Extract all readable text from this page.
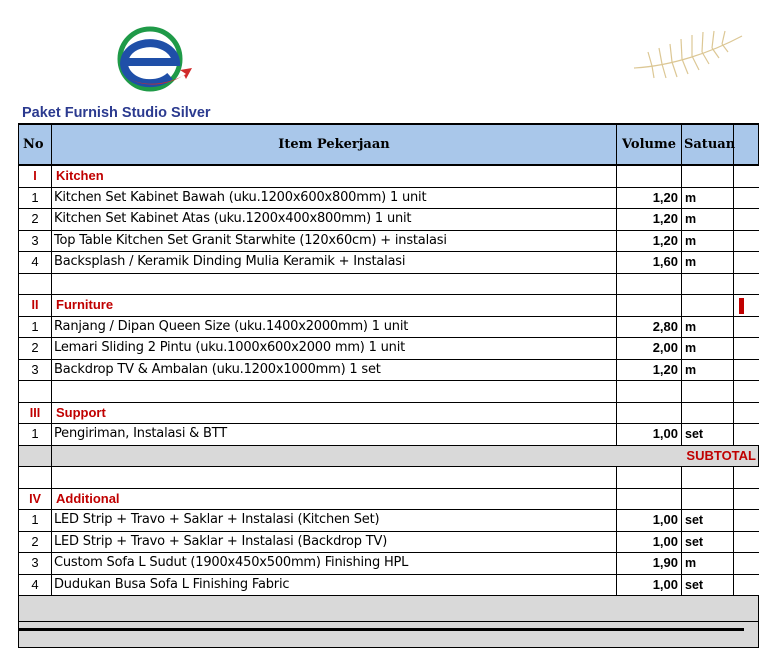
Paket Furnish Studio Silver
No	Item Pekerjaan	Volume	Satuan	
I	Kitchen			
1	Kitchen Set Kabinet Bawah (uku.1200x600x800mm) 1 unit	1,20	m	
2	Kitchen Set Kabinet Atas (uku.1200x400x800mm) 1 unit	1,20	m	
3	Top Table Kitchen Set Granit Starwhite (120x60cm) + instalasi	1,20	m	
4	Backsplash / Keramik Dinding Mulia Keramik + Instalasi	1,60	m	

II	Furniture			
1	Ranjang / Dipan Queen Size (uku.1400x2000mm) 1 unit	2,80	m	
2	Lemari Sliding 2 Pintu (uku.1000x600x2000 mm) 1 unit	2,00	m	
3	Backdrop TV & Ambalan (uku.1200x1000mm) 1 set	1,20	m	

III	Support			
1	Pengiriman, Instalasi & BTT	1,00	set	
	SUBTOTAL			

IV	Additional			
1	LED Strip + Travo + Saklar + Instalasi (Kitchen Set)	1,00	set	
2	LED Strip + Travo + Saklar + Instalasi (Backdrop TV)	1,00	set	
3	Custom Sofa L Sudut (1900x450x500mm) Finishing HPL	1,90	m	
4	Dudukan Busa Sofa L Finishing Fabric	1,00	set	
